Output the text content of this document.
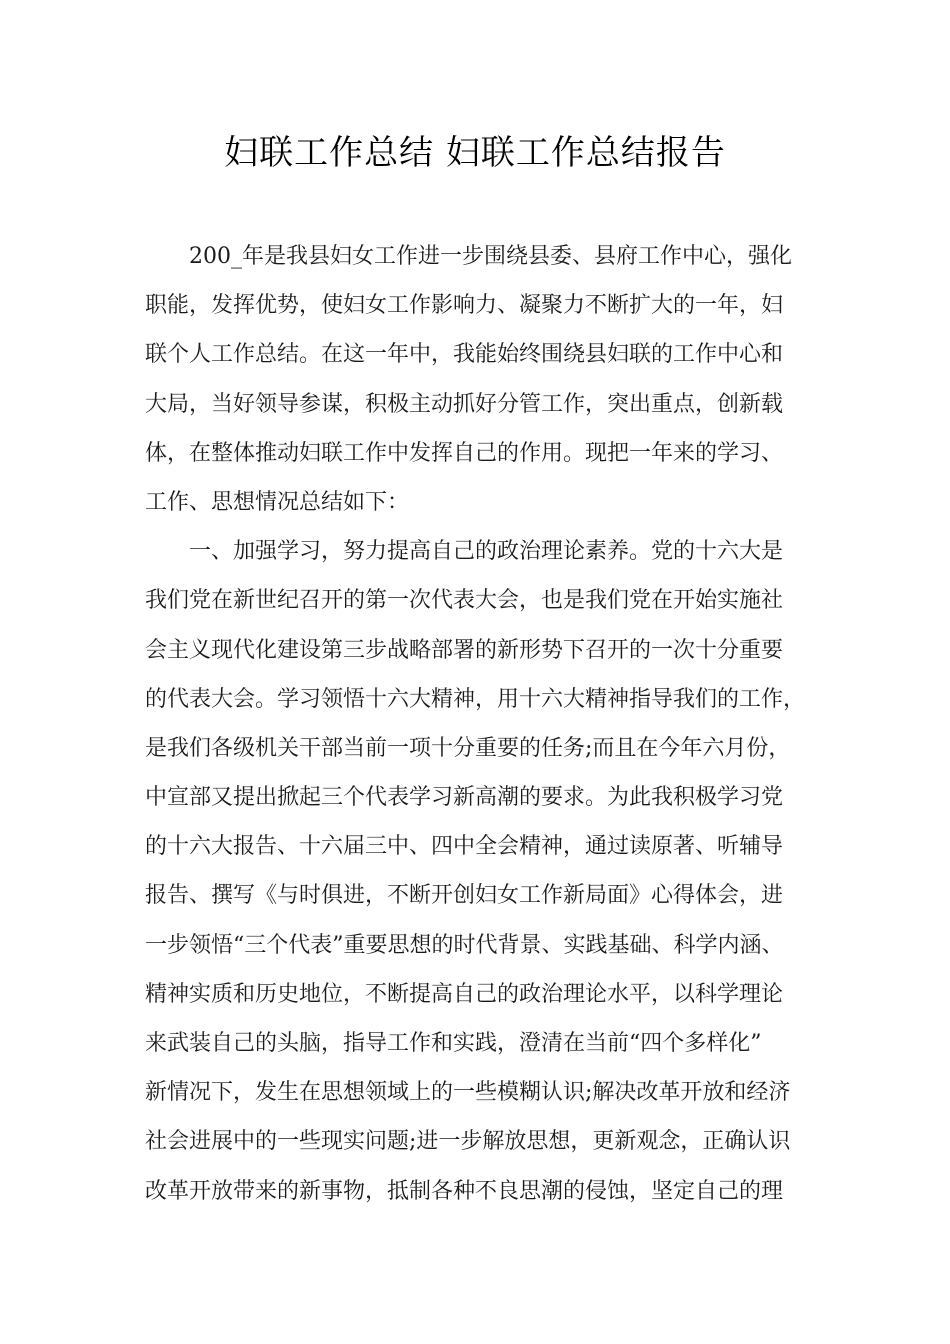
妇联工作总结 妇联工作总结报告
200_年是我县妇女工作进一步围绕县委、县府工作中心，强化
职能，发挥优势，使妇女工作影响力、凝聚力不断扩大的一年，妇
联个人工作总结。在这一年中，我能始终围绕县妇联的工作中心和
大局，当好领导参谋，积极主动抓好分管工作，突出重点，创新载
体，在整体推动妇联工作中发挥自己的作用。现把一年来的学习、
工作、思想情况总结如下：
一、加强学习，努力提高自己的政治理论素养。党的十六大是
我们党在新世纪召开的第一次代表大会，也是我们党在开始实施社
会主义现代化建设第三步战略部署的新形势下召开的一次十分重要
的代表大会。学习领悟十六大精神，用十六大精神指导我们的工作，
是我们各级机关干部当前一项十分重要的任务;而且在今年六月份，
中宣部又提出掀起三个代表学习新高潮的要求。为此我积极学习党
的十六大报告、十六届三中、四中全会精神，通过读原著、听辅导
报告、撰写《与时俱进，不断开创妇女工作新局面》心得体会，进
一步领悟“三个代表”重要思想的时代背景、实践基础、科学内涵、
精神实质和历史地位，不断提高自己的政治理论水平，以科学理论
来武装自己的头脑，指导工作和实践，澄清在当前“四个多样化”
新情况下，发生在思想领域上的一些模糊认识;解决改革开放和经济
社会进展中的一些现实问题;进一步解放思想，更新观念，正确认识
改革开放带来的新事物，抵制各种不良思潮的侵蚀，坚定自己的理
